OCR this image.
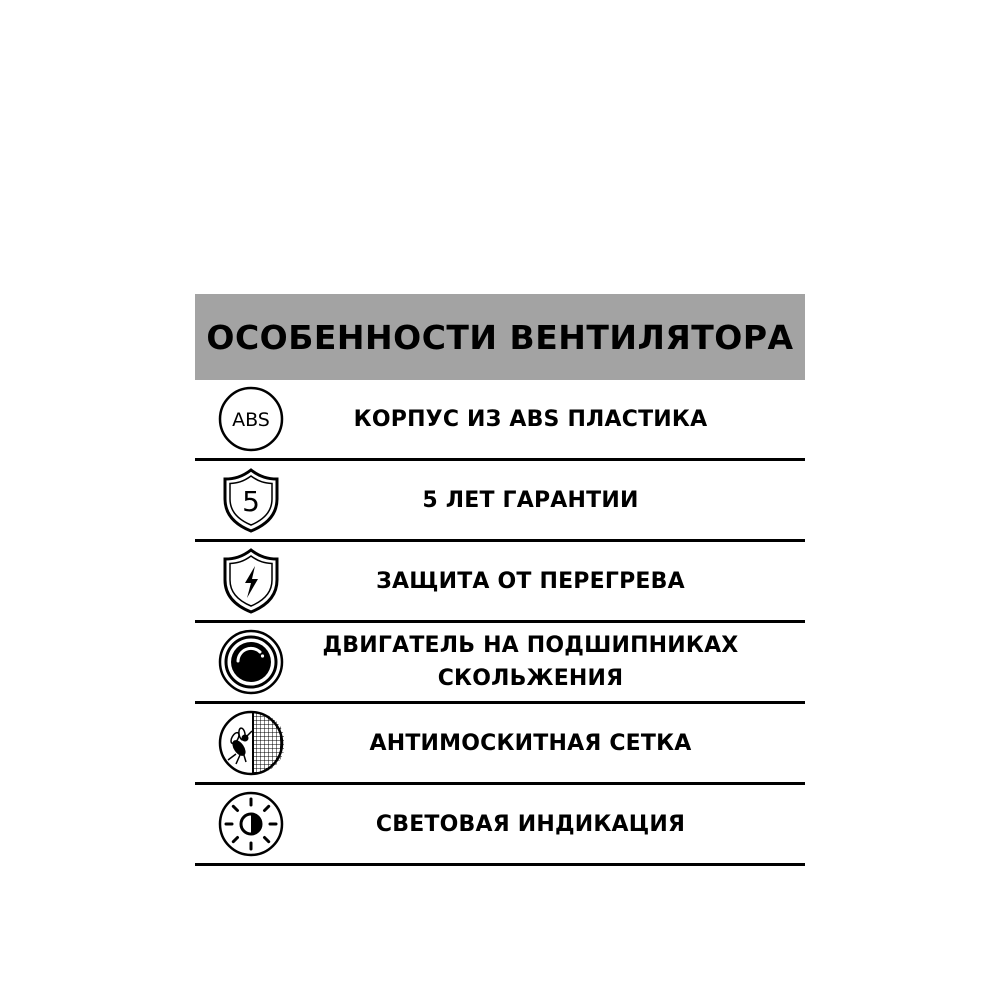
ОСОБЕННОСТИ ВЕНТИЛЯТОРА
ABS	КОРПУС ИЗ ABS ПЛАСТИКА
5	5 ЛЕТ ГАРАНТИИ
ЗАЩИТА ОТ ПЕРЕГРЕВА
ДВИГАТЕЛЬ НА ПОДШИПНИКАХ
СКОЛЬЖЕНИЯ
АНТИМОСКИТНАЯ СЕТКА
СВЕТОВАЯ ИНДИКАЦИЯ
